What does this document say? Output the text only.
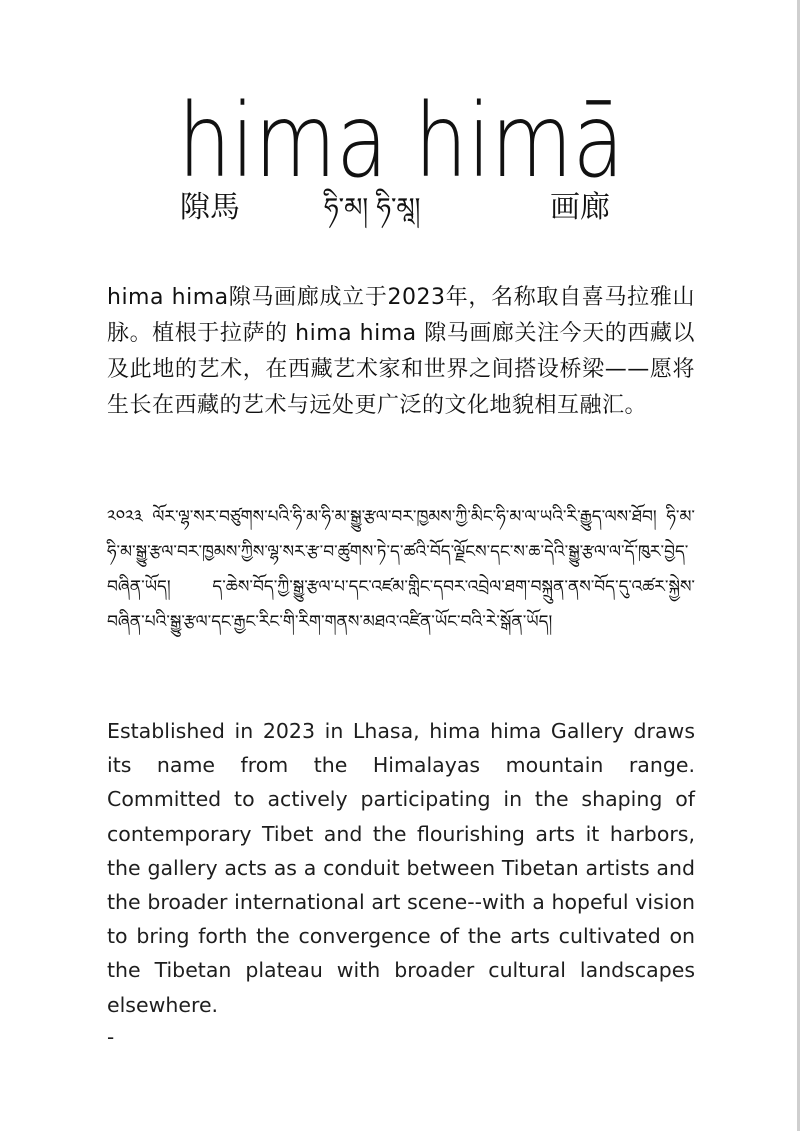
hima himā
隙馬	ཧི་མ། ཧི་མཱ།	画廊

hima hima隙马画廊成立于2023年，名称取自喜马拉雅山脉。植根于拉萨的 hima hima 隙马画廊关注今天的西藏以及此地的艺术，在西藏艺术家和世界之间搭设桥梁——愿将生长在西藏的艺术与远处更广泛的文化地貌相互融汇。

༢༠༢༣ ལོར་ལྷ་སར་བཙུགས་པའི་ཧི་མ་ཧི་མ་སྒྱུ་རྩལ་བར་ཁྱམས་ཀྱི་མིང་ཧི་མ་ལ་ཡའི་རི་རྒྱུད་ལས་ཐོབ། ཧི་མ་ཧི་མ་སྒྱུ་རྩལ་བར་ཁྱམས་ཀྱིས་ལྷ་སར་རྩ་བ་ཚུགས་ཏེ་ད་ཚའི་བོད་ལྗོངས་དང་ས་ཆ་དེའི་སྒྱུ་རྩལ་ལ་དོ་ཁུར་བྱེད་བཞིན་ཡོད། ད་ཆེས་བོད་ཀྱི་སྒྱུ་རྩལ་པ་དང་འཛམ་གླིང་དབར་འབྲེལ་ཐག་བསྐྲུན་ནས་བོད་དུ་འཚར་སྐྱེས་བཞིན་པའི་སྒྱུ་རྩལ་དང་རྒྱང་རིང་གི་རིག་གནས་མཐའ་འཛིན་ཡོང་བའི་རེ་སྒོན་ཡོད།

Established in 2023 in Lhasa, hima hima Gallery draws its name from the Himalayas mountain range. Committed to actively participating in the shaping of contemporary Tibet and the flourishing arts it harbors, the gallery acts as a conduit between Tibetan artists and the broader international art scene--with a hopeful vision to bring forth the convergence of the arts cultivated on the Tibetan plateau with broader cultural landscapes elsewhere.

-
